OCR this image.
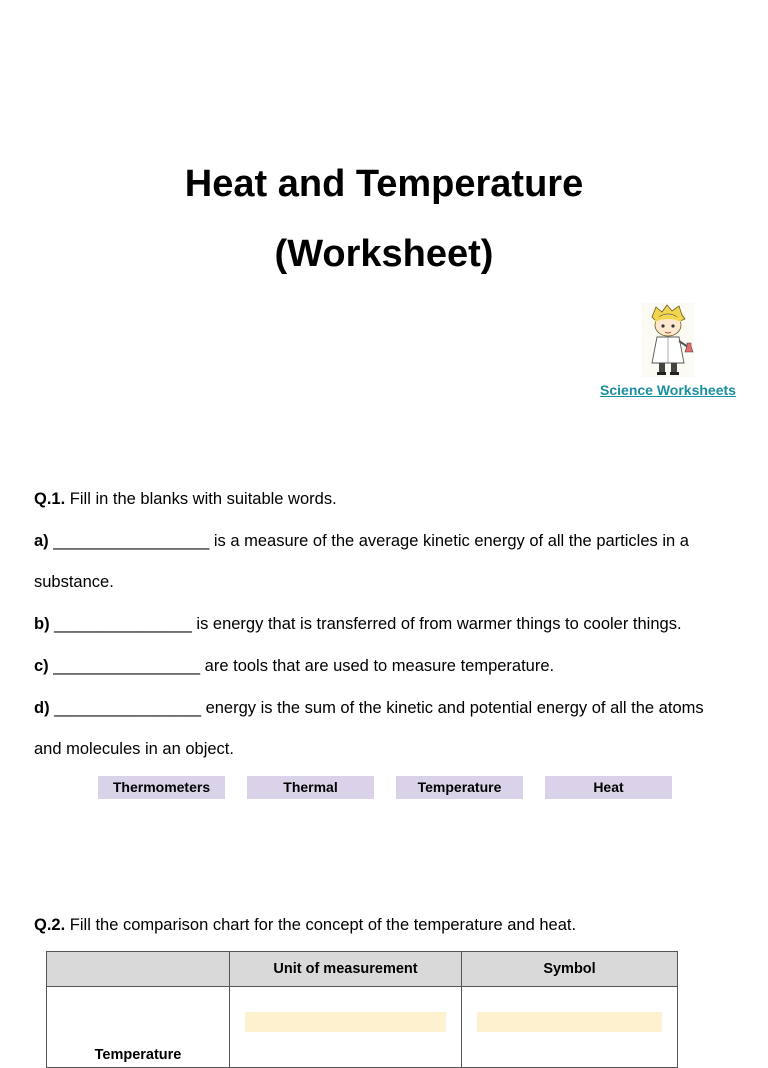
Heat and Temperature
(Worksheet)
Science Worksheets
Q.1. Fill in the blanks with suitable words.
a) _________________ is a measure of the average kinetic energy of all the particles in a
substance.
b) _______________ is energy that is transferred of from warmer things to cooler things.
c) ________________ are tools that are used to measure temperature.
d) ________________ energy is the sum of the kinetic and potential energy of all the atoms
and molecules in an object.
Thermometers	Thermal	Temperature	Heat
Q.2. Fill the comparison chart for the concept of the temperature and heat.
	Unit of measurement	Symbol
Temperature	
